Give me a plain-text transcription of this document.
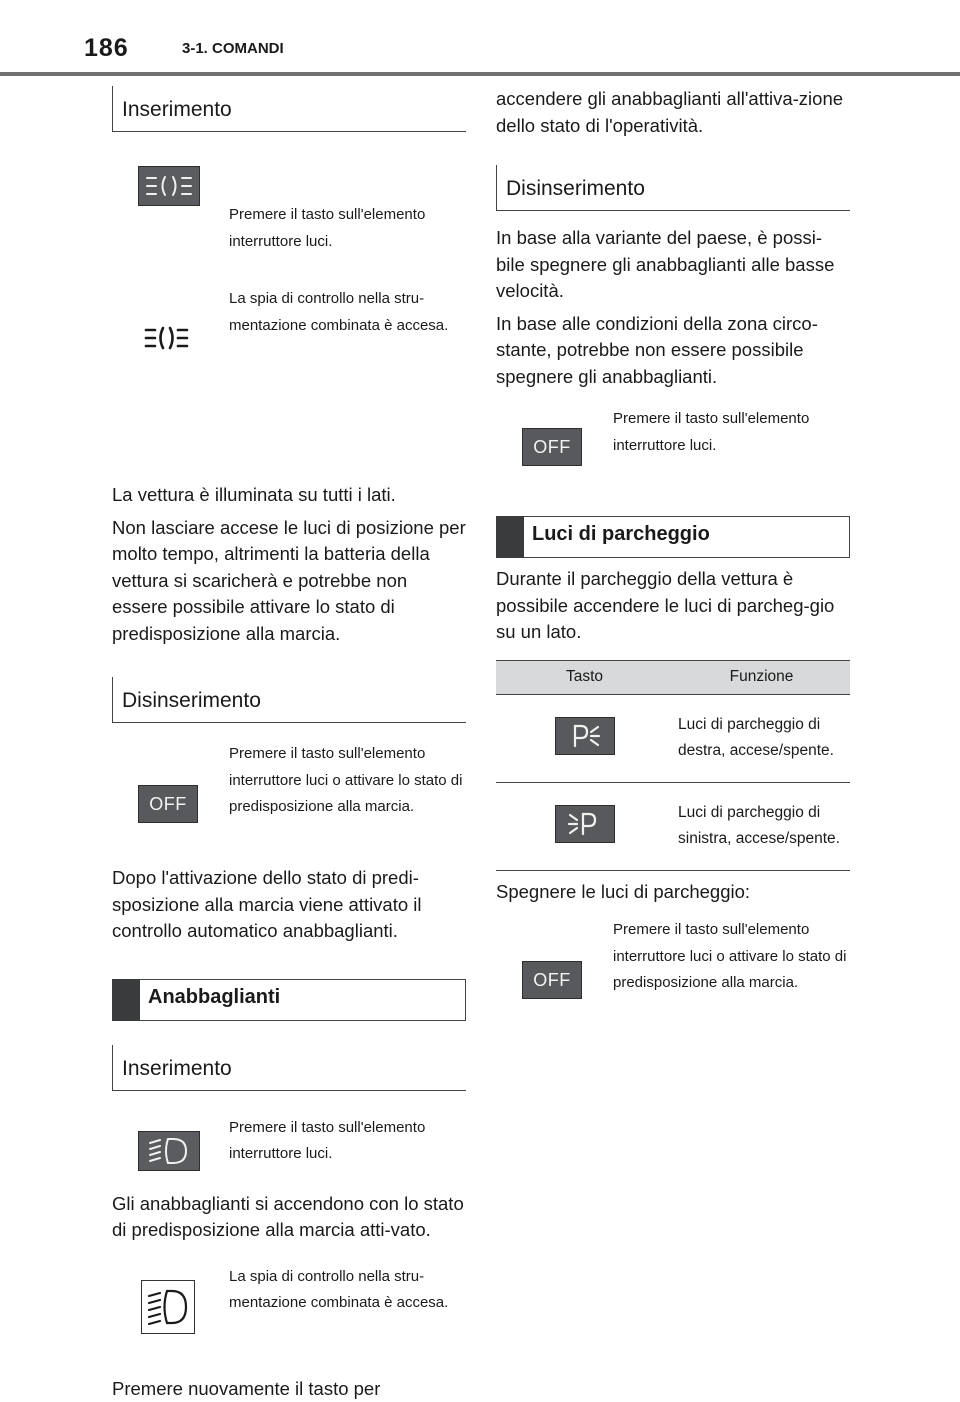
186	3-1. COMANDI
Inserimento
Premere il tasto sull'elemento interruttore luci.
La spia di controllo nella stru-mentazione combinata è accesa.
La vettura è illuminata su tutti i lati.
Non lasciare accese le luci di posizione per molto tempo, altrimenti la batteria della vettura si scaricherà e potrebbe non essere possibile attivare lo stato di predisposizione alla marcia.
Disinserimento
OFF
Premere il tasto sull'elemento interruttore luci o attivare lo stato di predisposizione alla marcia.
Dopo l'attivazione dello stato di predi-sposizione alla marcia viene attivato il controllo automatico anabbaglianti.
Anabbaglianti
Inserimento
Premere il tasto sull'elemento interruttore luci.
Gli anabbaglianti si accendono con lo stato di predisposizione alla marcia atti-vato.
La spia di controllo nella stru-mentazione combinata è accesa.
Premere nuovamente il tasto per
accendere gli anabbaglianti all'attiva-zione dello stato di l'operatività.
Disinserimento
In base alla variante del paese, è possi-bile spegnere gli anabbaglianti alle basse velocità.
In base alle condizioni della zona circo-stante, potrebbe non essere possibile spegnere gli anabbaglianti.
OFF
Premere il tasto sull'elemento interruttore luci.
Luci di parcheggio
Durante il parcheggio della vettura è possibile accendere le luci di parcheg-gio su un lato.
Tasto	Funzione

	Luci di parcheggio di destra, accese/spente.

	Luci di parcheggio di sinistra, accese/spente.
Spegnere le luci di parcheggio:
OFF
Premere il tasto sull'elemento interruttore luci o attivare lo stato di predisposizione alla marcia.
